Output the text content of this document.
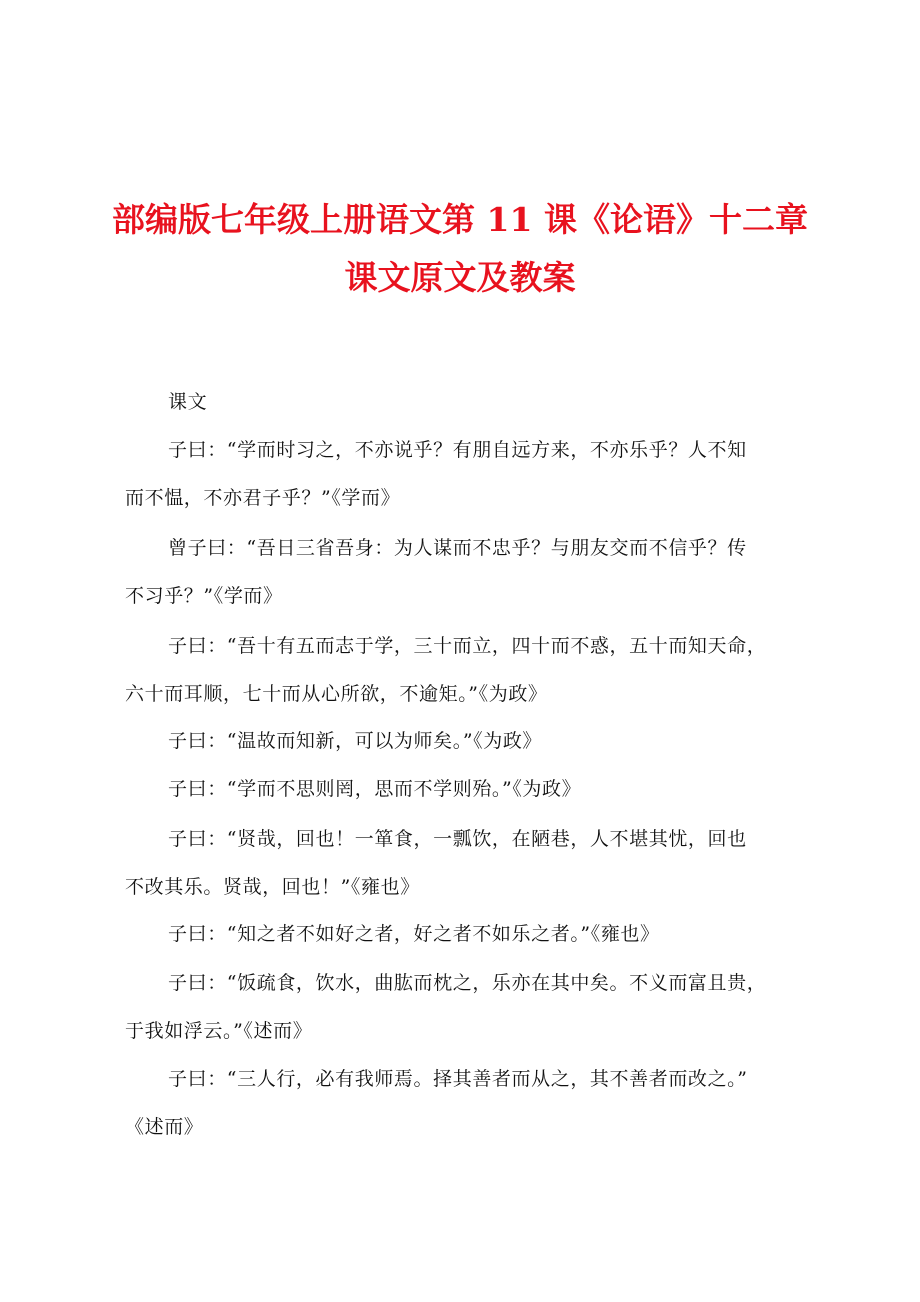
部编版七年级上册语文第 11 课《论语》十二章
课文原文及教案
课文
子曰：“学而时习之，不亦说乎？有朋自远方来，不亦乐乎？人不知
而不愠，不亦君子乎？”《学而》
曾子曰：“吾日三省吾身：为人谋而不忠乎？与朋友交而不信乎？传
不习乎？”《学而》
子曰：“吾十有五而志于学，三十而立，四十而不惑，五十而知天命，
六十而耳顺，七十而从心所欲，不逾矩。”《为政》
子曰：“温故而知新，可以为师矣。”《为政》
子曰：“学而不思则罔，思而不学则殆。”《为政》
子曰：“贤哉，回也！一箪食，一瓢饮，在陋巷，人不堪其忧，回也
不改其乐。贤哉，回也！”《雍也》
子曰：“知之者不如好之者，好之者不如乐之者。”《雍也》
子曰：“饭疏食，饮水，曲肱而枕之，乐亦在其中矣。不义而富且贵，
于我如浮云。”《述而》
子曰：“三人行，必有我师焉。择其善者而从之，其不善者而改之。”
《述而》
